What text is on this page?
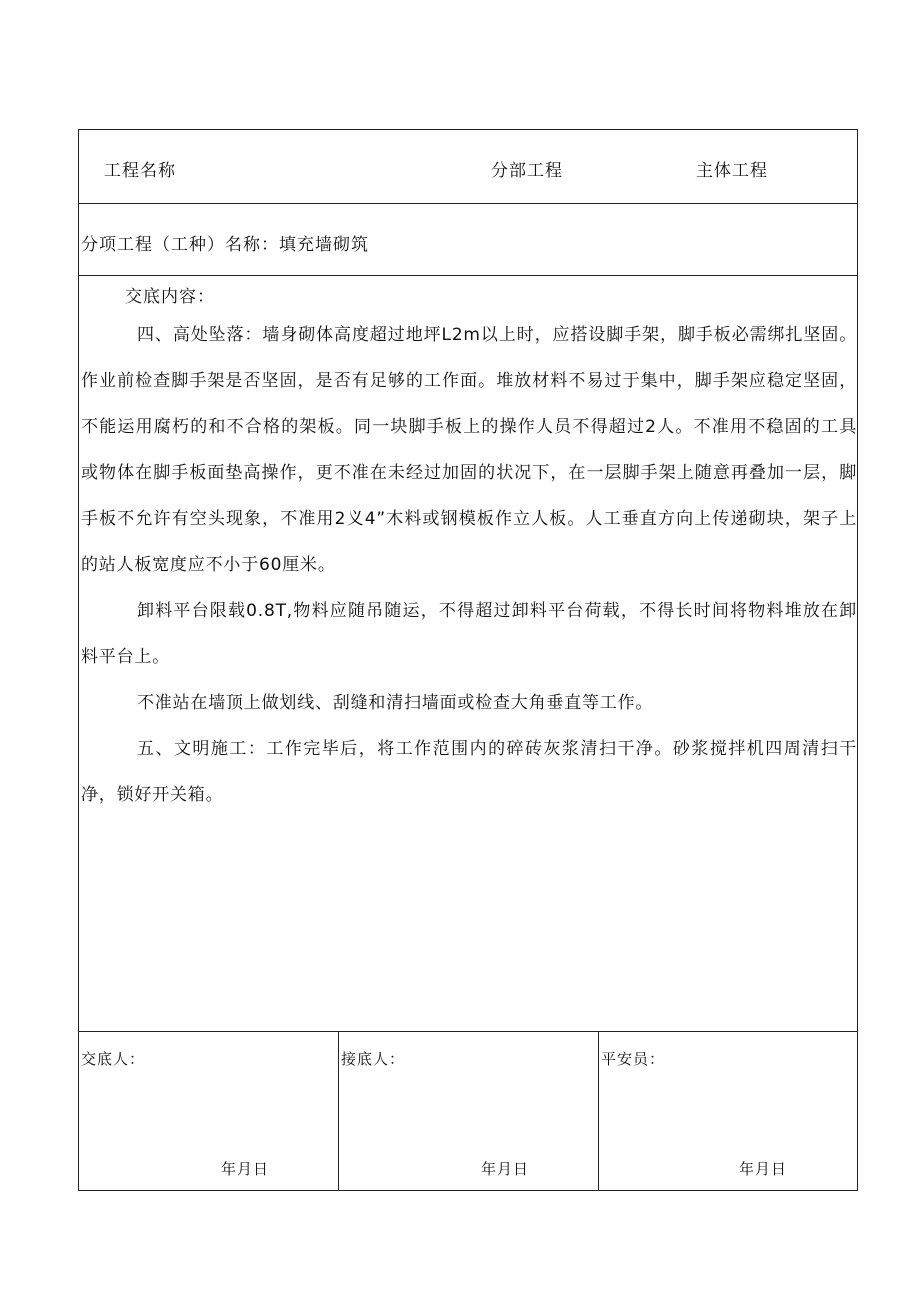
工程名称	分部工程	主体工程
分项工程（工种）名称：填充墙砌筑
交底内容：
四、高处坠落：墙身砌体高度超过地坪L2m以上时，应搭设脚手架，脚手板必需绑扎坚固。作业前检查脚手架是否坚固，是否有足够的工作面。堆放材料不易过于集中，脚手架应稳定坚固，不能运用腐朽的和不合格的架板。同一块脚手板上的操作人员不得超过2人。不准用不稳固的工具或物体在脚手板面垫高操作，更不准在未经过加固的状况下，在一层脚手架上随意再叠加一层，脚手板不允许有空头现象，不准用2义4”木料或钢模板作立人板。人工垂直方向上传递砌块，架子上的站人板宽度应不小于60厘米。
卸料平台限载0.8T,物料应随吊随运，不得超过卸料平台荷载，不得长时间将物料堆放在卸料平台上。
不准站在墙顶上做划线、刮缝和清扫墙面或检查大角垂直等工作。
五、文明施工：工作完毕后，将工作范围内的碎砖灰浆清扫干净。砂浆搅拌机四周清扫干净，锁好开关箱。
交底人：
年月日
接底人：
年月日
平安员：
年月日
